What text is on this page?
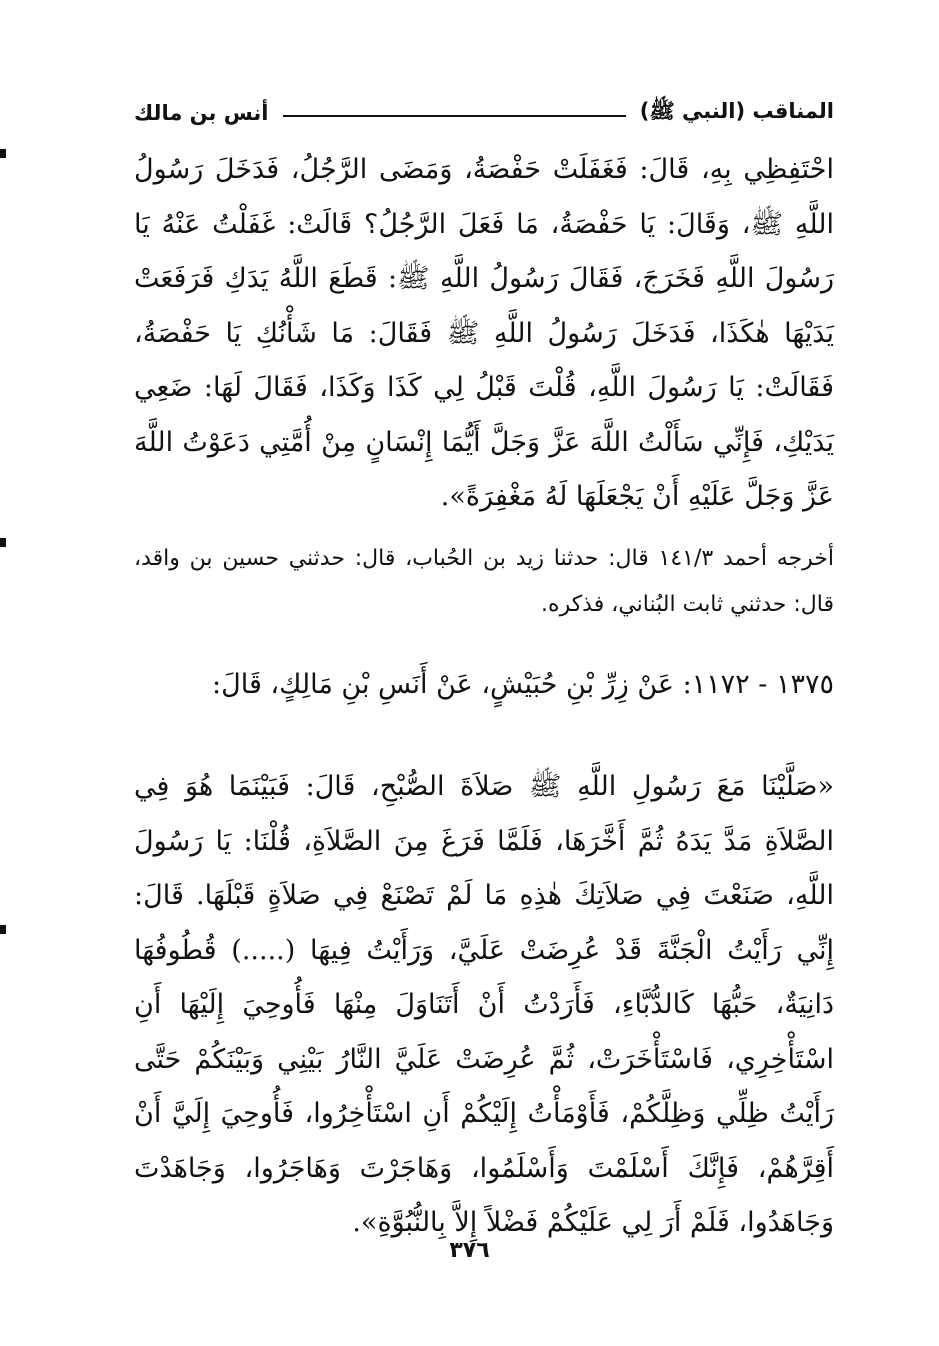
المناقب (النبي ﷺ)
أنس بن مالك
احْتَفِظِي بِهِ، قَالَ: فَغَفَلَتْ حَفْصَةُ، وَمَضَى الرَّجُلُ، فَدَخَلَ رَسُولُ اللَّهِ ﷺ، وَقَالَ: يَا حَفْصَةُ، مَا فَعَلَ الرَّجُلُ؟ قَالَتْ: غَفَلْتُ عَنْهُ يَا رَسُولَ اللَّهِ فَخَرَجَ، فَقَالَ رَسُولُ اللَّهِ ﷺ: قَطَعَ اللَّهُ يَدَكِ فَرَفَعَتْ يَدَيْهَا هٰكَذَا، فَدَخَلَ رَسُولُ اللَّهِ ﷺ فَقَالَ: مَا شَأْنُكِ يَا حَفْصَةُ، فَقَالَتْ: يَا رَسُولَ اللَّهِ، قُلْتَ قَبْلُ لِي كَذَا وَكَذَا، فَقَالَ لَهَا: ضَعِي يَدَيْكِ، فَإِنِّي سَأَلْتُ اللَّهَ عَزَّ وَجَلَّ أَيُّمَا إِنْسَانٍ مِنْ أُمَّتِي دَعَوْتُ اللَّهَ عَزَّ وَجَلَّ عَلَيْهِ أَنْ يَجْعَلَهَا لَهُ مَغْفِرَةً».
أخرجه أحمد ١٤١/٣ قال: حدثنا زيد بن الحُباب، قال: حدثني حسين بن واقد، قال: حدثني ثابت البُناني، فذكره.
١٣٧٥ - ١١٧٢: عَنْ زِرِّ بْنِ حُبَيْشٍ، عَنْ أَنَسِ بْنِ مَالِكٍ، قَالَ:
«صَلَّيْنَا مَعَ رَسُولِ اللَّهِ ﷺ صَلاَةَ الصُّبْحِ، قَالَ: فَبَيْنَمَا هُوَ فِي الصَّلاَةِ مَدَّ يَدَهُ ثُمَّ أَخَّرَهَا، فَلَمَّا فَرَغَ مِنَ الصَّلاَةِ، قُلْنَا: يَا رَسُولَ اللَّهِ، صَنَعْتَ فِي صَلاَتِكَ هٰذِهِ مَا لَمْ تَصْنَعْ فِي صَلاَةٍ قَبْلَهَا. قَالَ: إِنِّي رَأَيْتُ الْجَنَّةَ قَدْ عُرِضَتْ عَلَيَّ، وَرَأَيْتُ فِيهَا (.....) قُطُوفُهَا دَانِيَةٌ، حَبُّهَا كَالدُّبَّاءِ، فَأَرَدْتُ أَنْ أَتَنَاوَلَ مِنْهَا فَأُوحِيَ إِلَيْهَا أَنِ اسْتَأْخِرِي، فَاسْتَأْخَرَتْ، ثُمَّ عُرِضَتْ عَلَيَّ النَّارُ بَيْنِي وَبَيْنَكُمْ حَتَّى رَأَيْتُ ظِلِّي وَظِلَّكُمْ، فَأَوْمَأْتُ إِلَيْكُمْ أَنِ اسْتَأْخِرُوا، فَأُوحِيَ إِلَيَّ أَنْ أَقِرَّهُمْ، فَإِنَّكَ أَسْلَمْتَ وَأَسْلَمُوا، وَهَاجَرْتَ وَهَاجَرُوا، وَجَاهَدْتَ وَجَاهَدُوا، فَلَمْ أَرَ لِي عَلَيْكُمْ فَضْلاً إِلاَّ بِالنُّبُوَّةِ».
٣٧٦
